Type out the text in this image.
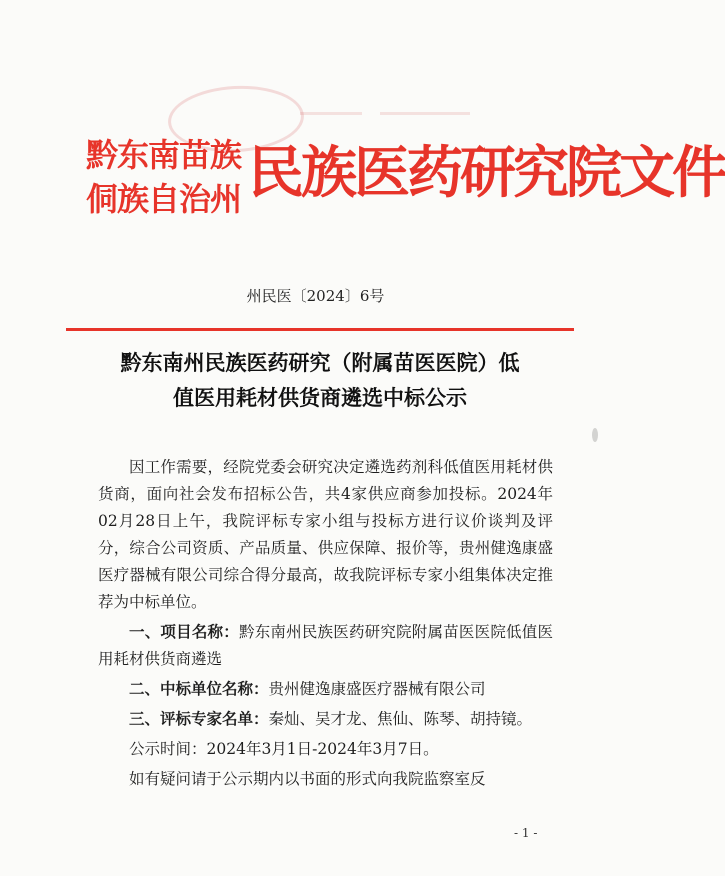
黔东南苗族
侗族自治州 民族医药研究院文件
州民医〔2024〕6号
黔东南州民族医药研究（附属苗医医院）低
值医用耗材供货商遴选中标公示

因工作需要，经院党委会研究决定遴选药剂科低值医用耗材供货商，面向社会发布招标公告，共4家供应商参加投标。2024年02月28日上午，我院评标专家小组与投标方进行议价谈判及评分，综合公司资质、产品质量、供应保障、报价等，贵州健逸康盛医疗器械有限公司综合得分最高，故我院评标专家小组集体决定推荐为中标单位。

一、项目名称：黔东南州民族医药研究院附属苗医医院低值医用耗材供货商遴选

二、中标单位名称：贵州健逸康盛医疗器械有限公司

三、评标专家名单：秦灿、吴才龙、焦仙、陈琴、胡持镜。

公示时间：2024年3月1日-2024年3月7日。

如有疑问请于公示期内以书面的形式向我院监察室反

- 1 -
